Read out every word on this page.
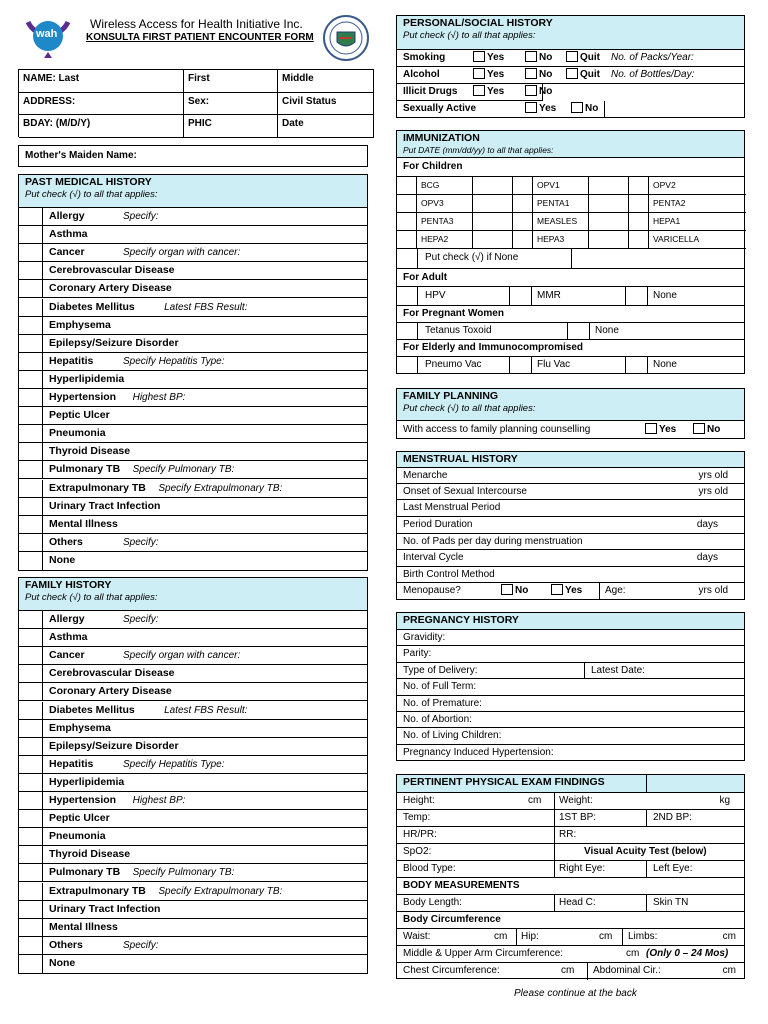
wah
Wireless Access for Health Initiative Inc.
KONSULTA FIRST PATIENT ENCOUNTER FORM
NAME: Last	First	Middle
ADDRESS:	Sex:	Civil Status
BDAY: (M/D/Y)	PHIC	Date
Mother's Maiden Name:
PAST MEDICAL HISTORY
Put check (√) to all that applies:
Allergy	Specify:
Asthma
Cancer	Specify organ with cancer:
Cerebrovascular Disease
Coronary Artery Disease
Diabetes Mellitus	Latest FBS Result:
Emphysema
Epilepsy/Seizure Disorder
Hepatitis	Specify Hepatitis Type:
Hyperlipidemia
Hypertension Highest BP:
Peptic Ulcer
Pneumonia
Thyroid Disease
Pulmonary TB Specify Pulmonary TB:
Extrapulmonary TB Specify Extrapulmonary TB:
Urinary Tract Infection
Mental Illness
Others	Specify:
None
FAMILY HISTORY
Put check (√) to all that applies:
Allergy	Specify:
Asthma
Cancer	Specify organ with cancer:
Cerebrovascular Disease
Coronary Artery Disease
Diabetes Mellitus	Latest FBS Result:
Emphysema
Epilepsy/Seizure Disorder
Hepatitis	Specify Hepatitis Type:
Hyperlipidemia
Hypertension Highest BP:
Peptic Ulcer
Pneumonia
Thyroid Disease
Pulmonary TB Specify Pulmonary TB:
Extrapulmonary TB Specify Extrapulmonary TB:
Urinary Tract Infection
Mental Illness
Others	Specify:
None
PERSONAL/SOCIAL HISTORY
Put check (√) to all that applies:
Smoking	Yes	No	Quit No. of Packs/Year:
Alcohol	Yes	No	Quit No. of Bottles/Day:
Illicit Drugs	Yes	No
Sexually Active	Yes	No
IMMUNIZATION
Put DATE (mm/dd/yy) to all that applies:
For Children
BCG	OPV1	OPV2
OPV3	PENTA1	PENTA2
PENTA3	MEASLES	HEPA1
HEPA2	HEPA3	VARICELLA
Put check (√) if None
For Adult
HPV	MMR	None
For Pregnant Women
Tetanus Toxoid	None
For Elderly and Immunocompromised
Pneumo Vac	Flu Vac	None
FAMILY PLANNING
Put check (√) to all that applies:
With access to family planning counselling	Yes	No
MENSTRUAL HISTORY
Menarche	yrs old
Onset of Sexual Intercourse	yrs old
Last Menstrual Period
Period Duration	days
No. of Pads per day during menstruation
Interval Cycle	days
Birth Control Method
Menopause?	No	Yes Age:	yrs old
PREGNANCY HISTORY
Gravidity:
Parity:
Type of Delivery:	Latest Date:
No. of Full Term:
No. of Premature:
No. of Abortion:
No. of Living Children:
Pregnancy Induced Hypertension:
PERTINENT PHYSICAL EXAM FINDINGS
Height:	cm Weight:	kg
Temp:	1ST BP:	2ND BP:
HR/PR:	RR:
SpO2:	Visual Acuity Test (below)
Blood Type:	Right Eye:	Left Eye:
BODY MEASUREMENTS
Body Length:	Head C:	Skin TN
Body Circumference
Waist:	cm Hip:	cm Limbs:	cm
Middle & Upper Arm Circumference:	cm (Only 0 – 24 Mos)
Chest Circumference:	cm Abdominal Cir.:	cm
Please continue at the back
